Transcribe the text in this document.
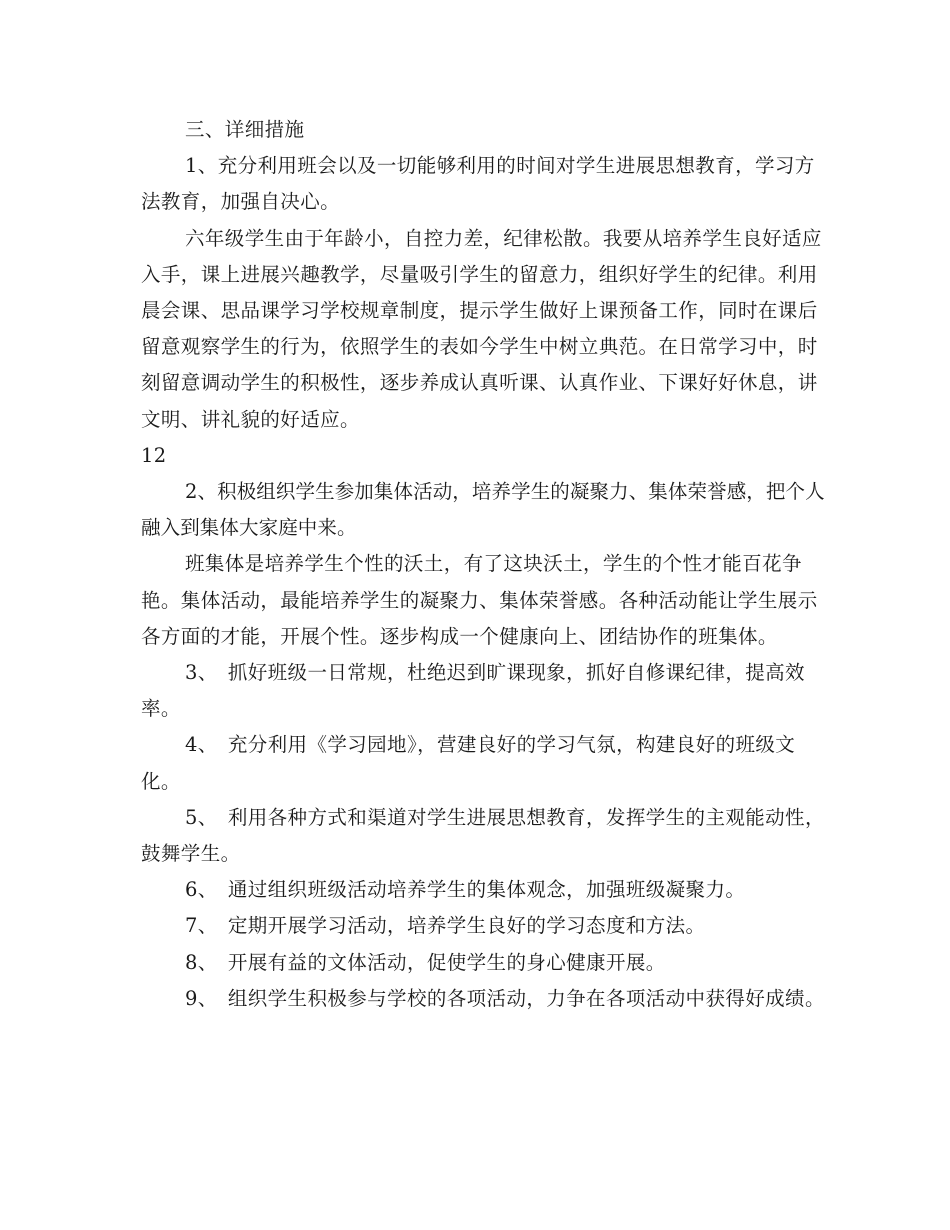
三、详细措施

1、充分利用班会以及一切能够利用的时间对学生进展思想教育，学习方法教育，加强自决心。

六年级学生由于年龄小，自控力差，纪律松散。我要从培养学生良好适应入手，课上进展兴趣教学，尽量吸引学生的留意力，组织好学生的纪律。利用晨会课、思品课学习学校规章制度，提示学生做好上课预备工作，同时在课后留意观察学生的行为，依照学生的表如今学生中树立典范。在日常学习中，时刻留意调动学生的积极性，逐步养成认真听课、认真作业、下课好好休息，讲文明、讲礼貌的好适应。

12

2、积极组织学生参加集体活动，培养学生的凝聚力、集体荣誉感，把个人融入到集体大家庭中来。

班集体是培养学生个性的沃土，有了这块沃土，学生的个性才能百花争艳。集体活动，最能培养学生的凝聚力、集体荣誉感。各种活动能让学生展示各方面的才能，开展个性。逐步构成一个健康向上、团结协作的班集体。

3、　抓好班级一日常规，杜绝迟到旷课现象，抓好自修课纪律，提高效率。

4、　充分利用《学习园地》，营建良好的学习气氛，构建良好的班级文化。

5、　利用各种方式和渠道对学生进展思想教育，发挥学生的主观能动性，鼓舞学生。

6、　通过组织班级活动培养学生的集体观念，加强班级凝聚力。

7、　定期开展学习活动，培养学生良好的学习态度和方法。

8、　开展有益的文体活动，促使学生的身心健康开展。

9、　组织学生积极参与学校的各项活动，力争在各项活动中获得好成绩。
